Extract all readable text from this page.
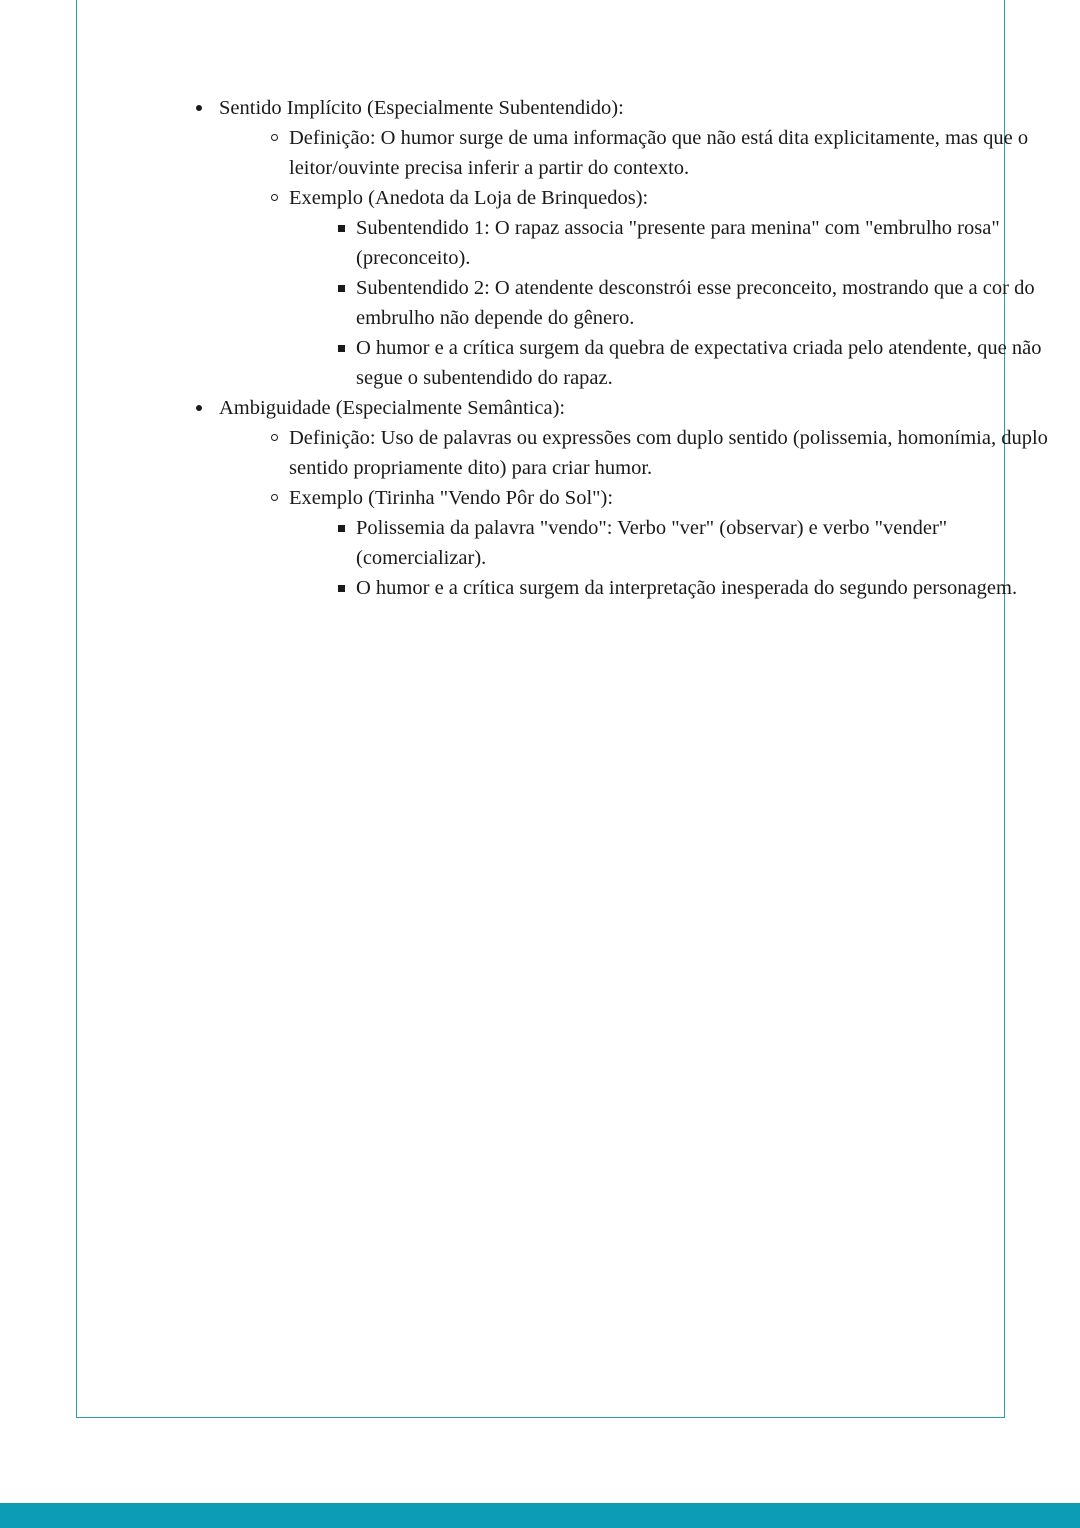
Sentido Implícito (Especialmente Subentendido):
Definição: O humor surge de uma informação que não está dita explicitamente, mas que o leitor/ouvinte precisa inferir a partir do contexto.
Exemplo (Anedota da Loja de Brinquedos):
Subentendido 1: O rapaz associa "presente para menina" com "embrulho rosa" (preconceito).
Subentendido 2: O atendente desconstrói esse preconceito, mostrando que a cor do embrulho não depende do gênero.
O humor e a crítica surgem da quebra de expectativa criada pelo atendente, que não segue o subentendido do rapaz.
Ambiguidade (Especialmente Semântica):
Definição: Uso de palavras ou expressões com duplo sentido (polissemia, homonímia, duplo sentido propriamente dito) para criar humor.
Exemplo (Tirinha "Vendo Pôr do Sol"):
Polissemia da palavra "vendo": Verbo "ver" (observar) e verbo "vender" (comercializar).
O humor e a crítica surgem da interpretação inesperada do segundo personagem.
